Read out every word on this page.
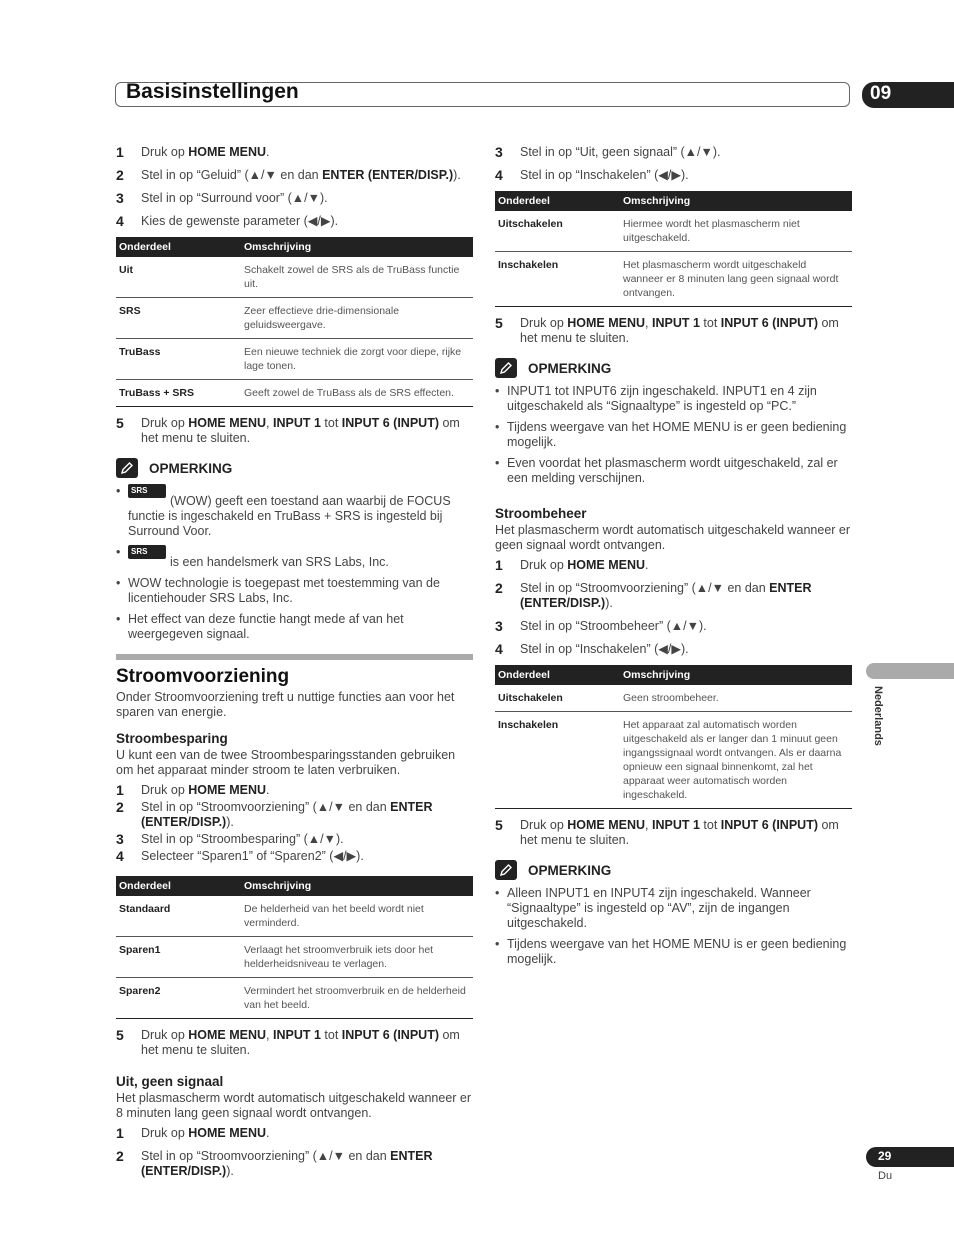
Basisinstellingen	09
1	Druk op HOME MENU.
2	Stel in op “Geluid” (▲/▼ en dan ENTER (ENTER/DISP.)).
3	Stel in op “Surround voor” (▲/▼).
4	Kies de gewenste parameter (◀/▶).
Onderdeel	Omschrijving
Uit	Schakelt zowel de SRS als de TruBass functie uit.
SRS	Zeer effectieve drie-dimensionale geluidsweergave.
TruBass	Een nieuwe techniek die zorgt voor diepe, rijke lage tonen.
TruBass + SRS	Geeft zowel de TruBass als de SRS effecten.
5	Druk op HOME MENU, INPUT 1 tot INPUT 6 (INPUT) om het menu te sluiten.
OPMERKING
• SRS WOW (WOW) geeft een toestand aan waarbij de FOCUS functie is ingeschakeld en TruBass + SRS is ingesteld bij Surround Voor.
• SRS WOW is een handelsmerk van SRS Labs, Inc.
• WOW technologie is toegepast met toestemming van de licentiehouder SRS Labs, Inc.
• Het effect van deze functie hangt mede af van het weergegeven signaal.
Stroomvoorziening
Onder Stroomvoorziening treft u nuttige functies aan voor het sparen van energie.
Stroombesparing
U kunt een van de twee Stroombesparingsstanden gebruiken om het apparaat minder stroom te laten verbruiken.
1	Druk op HOME MENU.
2	Stel in op “Stroomvoorziening” (▲/▼ en dan ENTER (ENTER/DISP.)).
3	Stel in op “Stroombesparing” (▲/▼).
4	Selecteer “Sparen1” of “Sparen2” (◀/▶).
Onderdeel	Omschrijving
Standaard	De helderheid van het beeld wordt niet verminderd.
Sparen1	Verlaagt het stroomverbruik iets door het helderheidsniveau te verlagen.
Sparen2	Vermindert het stroomverbruik en de helderheid van het beeld.
5	Druk op HOME MENU, INPUT 1 tot INPUT 6 (INPUT) om het menu te sluiten.
Uit, geen signaal
Het plasmascherm wordt automatisch uitgeschakeld wanneer er 8 minuten lang geen signaal wordt ontvangen.
1	Druk op HOME MENU.
2	Stel in op “Stroomvoorziening” (▲/▼ en dan ENTER (ENTER/DISP.)).
3	Stel in op “Uit, geen signaal” (▲/▼).
4	Stel in op “Inschakelen” (◀/▶).
Onderdeel	Omschrijving
Uitschakelen	Hiermee wordt het plasmascherm niet uitgeschakeld.
Inschakelen	Het plasmascherm wordt uitgeschakeld wanneer er 8 minuten lang geen signaal wordt ontvangen.
5	Druk op HOME MENU, INPUT 1 tot INPUT 6 (INPUT) om het menu te sluiten.
OPMERKING
• INPUT1 tot INPUT6 zijn ingeschakeld. INPUT1 en 4 zijn uitgeschakeld als “Signaaltype” is ingesteld op “PC.”
• Tijdens weergave van het HOME MENU is er geen bediening mogelijk.
• Even voordat het plasmascherm wordt uitgeschakeld, zal er een melding verschijnen.
Stroombeheer
Het plasmascherm wordt automatisch uitgeschakeld wanneer er geen signaal wordt ontvangen.
1	Druk op HOME MENU.
2	Stel in op “Stroomvoorziening” (▲/▼ en dan ENTER (ENTER/DISP.)).
3	Stel in op “Stroombeheer” (▲/▼).
4	Stel in op “Inschakelen” (◀/▶).
Onderdeel	Omschrijving
Uitschakelen	Geen stroombeheer.
Inschakelen	Het apparaat zal automatisch worden uitgeschakeld als er langer dan 1 minuut geen ingangssignaal wordt ontvangen. Als er daarna opnieuw een signaal binnenkomt, zal het apparaat weer automatisch worden ingeschakeld.
5	Druk op HOME MENU, INPUT 1 tot INPUT 6 (INPUT) om het menu te sluiten.
OPMERKING
• Alleen INPUT1 en INPUT4 zijn ingeschakeld. Wanneer “Signaaltype” is ingesteld op “AV”, zijn de ingangen uitgeschakeld.
• Tijdens weergave van het HOME MENU is er geen bediening mogelijk.
Nederlands
29
Du
